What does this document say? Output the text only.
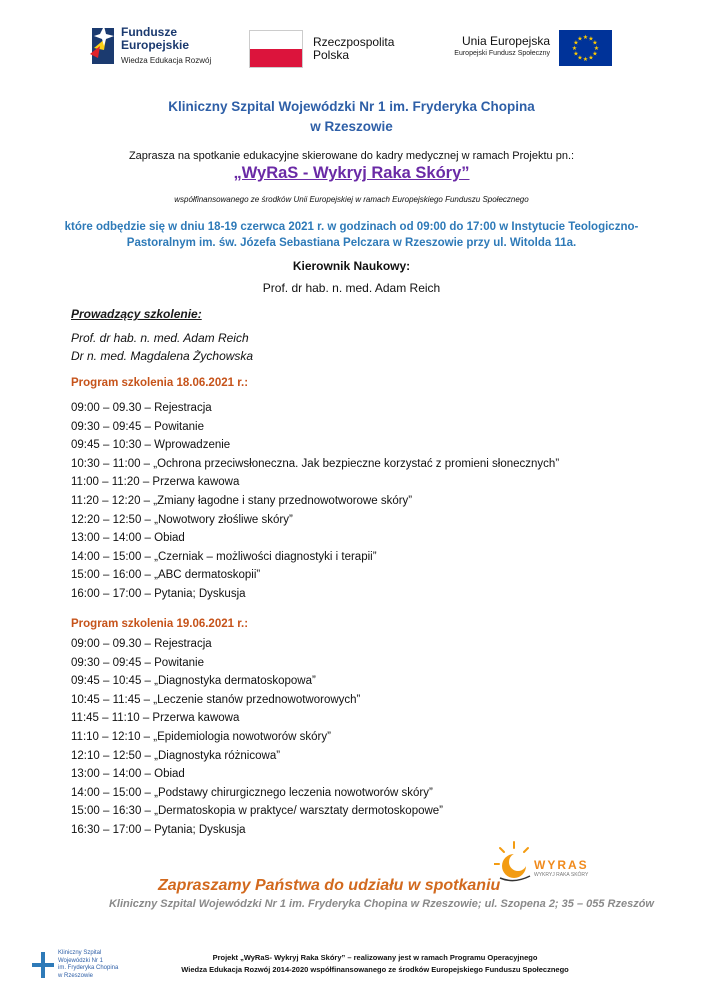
Fundusze
Europejskie
Wiedza Edukacja Rozwój
Rzeczpospolita
Polska
Unia Europejska
Europejski Fundusz Społeczny
★ ★
★
★
★
★
★
★
★
★
★
★
Kliniczny Szpital Wojewódzki Nr 1 im. Fryderyka Chopina
w Rzeszowie
Zaprasza na spotkanie edukacyjne skierowane do kadry medycznej w ramach Projektu pn.:
„WyRaS - Wykryj Raka Skóry”
współfinansowanego ze środków Unii Europejskiej w ramach Europejskiego Funduszu Społecznego
które odbędzie się w dniu 18-19 czerwca 2021 r. w godzinach od 09:00 do 17:00 w Instytucie Teologiczno-
Pastoralnym im. św. Józefa Sebastiana Pelczara w Rzeszowie przy ul. Witolda 11a.
Kierownik Naukowy:
Prof. dr hab. n. med. Adam Reich
Prowadzący szkolenie:
Prof. dr hab. n. med. Adam Reich
Dr n. med. Magdalena Żychowska
Program szkolenia 18.06.2021 r.:
09:00 – 09.30 – Rejestracja
09:30 – 09:45 – Powitanie
09:45 – 10:30 – Wprowadzenie
10:30 – 11:00 – „Ochrona przeciwsłoneczna. Jak bezpieczne korzystać z promieni słonecznych”
11:00 – 11:20 – Przerwa kawowa
11:20 – 12:20 – „Zmiany łagodne i stany przednowotworowe skóry”
12:20 – 12:50 – „Nowotwory złośliwe skóry”
13:00 – 14:00 – Obiad
14:00 – 15:00 – „Czerniak – możliwości diagnostyki i terapii”
15:00 – 16:00 – „ABC dermatoskopii”
16:00 – 17:00 – Pytania; Dyskusja
Program szkolenia 19.06.2021 r.:
09:00 – 09.30 – Rejestracja
09:30 – 09:45 – Powitanie
09:45 – 10:45 – „Diagnostyka dermatoskopowa”
10:45 – 11:45 – „Leczenie stanów przednowotworowych”
11:45 – 11:10 – Przerwa kawowa
11:10 – 12:10 – „Epidemiologia nowotworów skóry”
12:10 – 12:50 – „Diagnostyka różnicowa”
13:00 – 14:00 – Obiad
14:00 – 15:00 – „Podstawy chirurgicznego leczenia nowotworów skóry”
15:00 – 16:30 – „Dermatoskopia w praktyce/ warsztaty dermotoskopowe”
16:30 – 17:00 – Pytania; Dyskusja
WYRAS
WYKRYJ RAKA SKÓRY
Zapraszamy Państwa do udziału w spotkaniu
Kliniczny Szpital Wojewódzki Nr 1 im. Fryderyka Chopina w Rzeszowie; ul. Szopena 2; 35 – 055 Rzeszów
Kliniczny Szpital
Wojewódzki Nr 1
im. Fryderyka Chopina
w Rzeszowie
Projekt „WyRaS- Wykryj Raka Skóry” – realizowany jest w ramach Programu Operacyjnego
Wiedza Edukacja Rozwój 2014-2020 współfinansowanego ze środków Europejskiego Funduszu Społecznego
